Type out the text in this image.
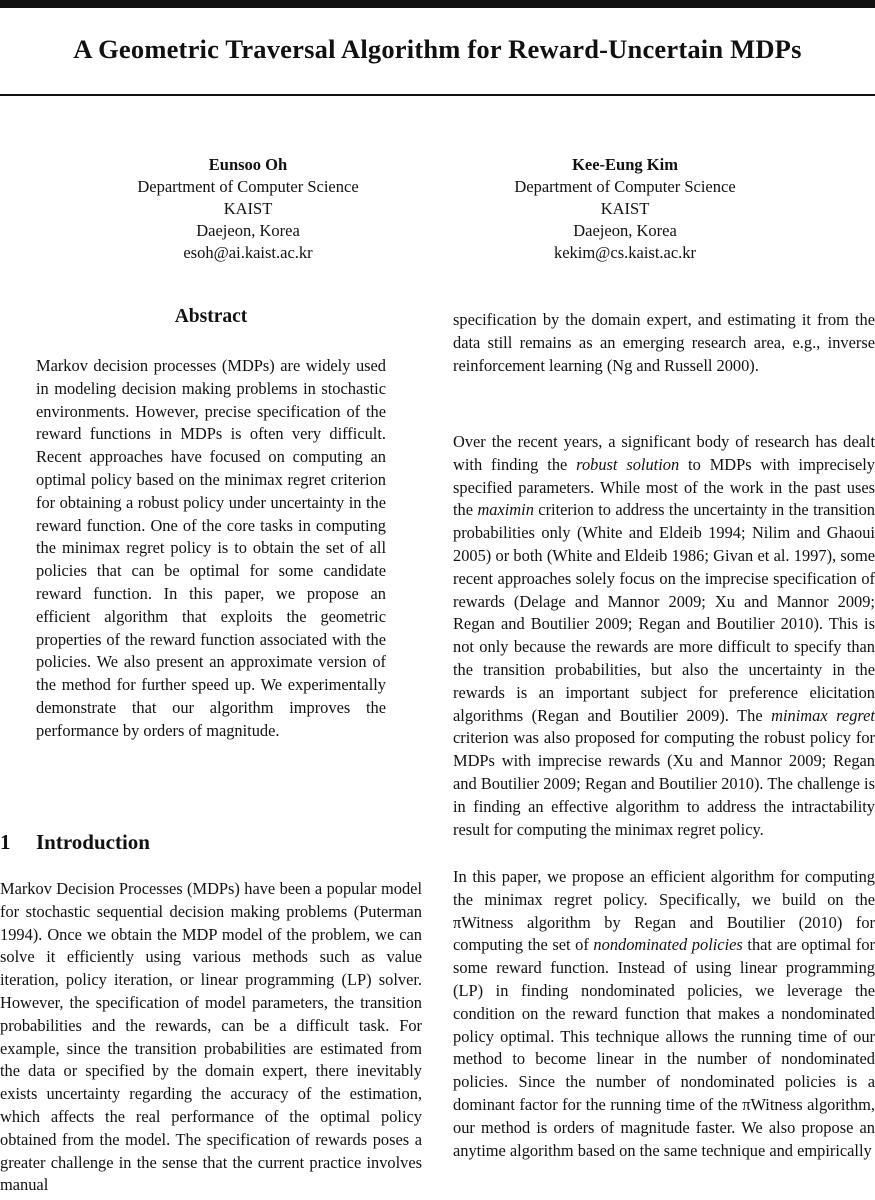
A Geometric Traversal Algorithm for Reward-Uncertain MDPs
Eunsoo Oh
Department of Computer Science
KAIST
Daejeon, Korea
esoh@ai.kaist.ac.kr
Kee-Eung Kim
Department of Computer Science
KAIST
Daejeon, Korea
kekim@cs.kaist.ac.kr
Abstract

Markov decision processes (MDPs) are widely used in modeling decision making problems in stochastic environments. However, precise specification of the reward functions in MDPs is often very difficult. Recent approaches have focused on computing an optimal policy based on the minimax regret criterion for obtaining a robust policy under uncertainty in the reward function. One of the core tasks in computing the minimax regret policy is to obtain the set of all policies that can be optimal for some candidate reward function. In this paper, we propose an efficient algorithm that exploits the geometric properties of the reward function associated with the policies. We also present an approximate version of the method for further speed up. We experimentally demonstrate that our algorithm improves the performance by orders of magnitude.

1 Introduction

Markov Decision Processes (MDPs) have been a popular model for stochastic sequential decision making problems (Puterman 1994). Once we obtain the MDP model of the problem, we can solve it efficiently using various methods such as value iteration, policy iteration, or linear programming (LP) solver. However, the specification of model parameters, the transition probabilities and the rewards, can be a difficult task. For example, since the transition probabilities are estimated from the data or specified by the domain expert, there inevitably exists uncertainty regarding the accuracy of the estimation, which affects the real performance of the optimal policy obtained from the model. The specification of rewards poses a greater challenge in the sense that the current practice involves manual

specification by the domain expert, and estimating it from the data still remains as an emerging research area, e.g., inverse reinforcement learning (Ng and Russell 2000).

Over the recent years, a significant body of research has dealt with finding the robust solution to MDPs with imprecisely specified parameters. While most of the work in the past uses the maximin criterion to address the uncertainty in the transition probabilities only (White and Eldeib 1994; Nilim and Ghaoui 2005) or both (White and Eldeib 1986; Givan et al. 1997), some recent approaches solely focus on the imprecise specification of rewards (Delage and Mannor 2009; Xu and Mannor 2009; Regan and Boutilier 2009; Regan and Boutilier 2010). This is not only because the rewards are more difficult to specify than the transition probabilities, but also the uncertainty in the rewards is an important subject for preference elicitation algorithms (Regan and Boutilier 2009). The minimax regret criterion was also proposed for computing the robust policy for MDPs with imprecise rewards (Xu and Mannor 2009; Regan and Boutilier 2009; Regan and Boutilier 2010). The challenge is in finding an effective algorithm to address the intractability result for computing the minimax regret policy.

In this paper, we propose an efficient algorithm for computing the minimax regret policy. Specifically, we build on the πWitness algorithm by Regan and Boutilier (2010) for computing the set of nondominated policies that are optimal for some reward function. Instead of using linear programming (LP) in finding nondominated policies, we leverage the condition on the reward function that makes a nondominated policy optimal. This technique allows the running time of our method to become linear in the number of nondominated policies. Since the number of nondominated policies is a dominant factor for the running time of the πWitness algorithm, our method is orders of magnitude faster. We also propose an anytime algorithm based on the same technique and empirically
